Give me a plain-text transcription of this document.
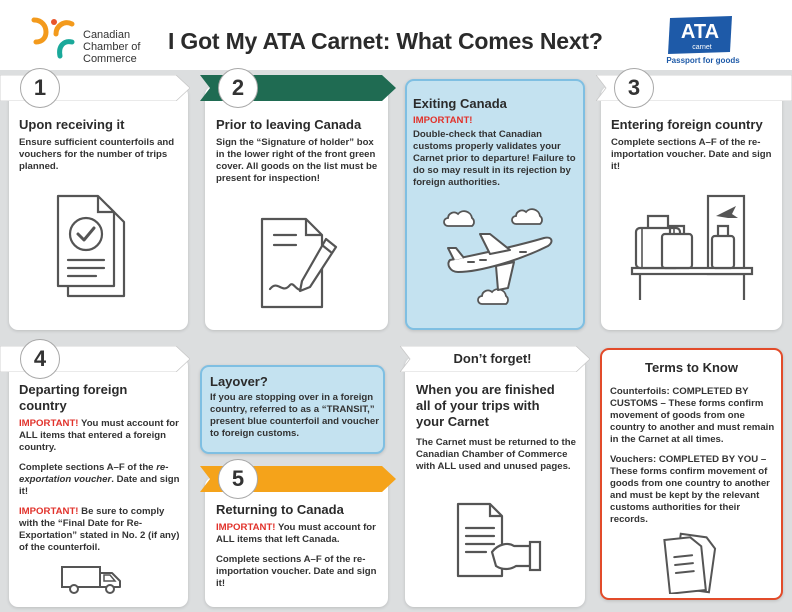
Canadian
Chamber of
Commerce
I Got My ATA Carnet: What Comes Next?	ATA
carnet
Passport for goods
1
Upon receiving it
Ensure sufficient counterfoils and vouchers for the number of trips planned.
2
Prior to leaving Canada
Sign the “Signature of holder” box in the lower right of the front green cover. All goods on the list must be present for inspection!
Exiting Canada
IMPORTANT!
Double-check that Canadian customs properly validates your Carnet prior to departure! Failure to do so may result in its rejection by foreign authorities.
3
Entering foreign country
Complete sections A–F of the re-importation voucher. Date and sign it!
4
Departing foreign country
IMPORTANT! You must account for ALL items that entered a foreign country.
Complete sections A–F of the re-exportation voucher. Date and sign it!
IMPORTANT! Be sure to comply with the “Final Date for Re-Exportation” stated in No. 2 (if any) of the counterfoil.
Layover?
If you are stopping over in a foreign country, referred to as a “TRANSIT,” present blue counterfoil and voucher to foreign customs.
5
Returning to Canada
IMPORTANT! You must account for ALL items that left Canada.
Complete sections A–F of the re-importation voucher. Date and sign it!
Don’t forget!
When you are finished all of your trips with your Carnet
The Carnet must be returned to the Canadian Chamber of Commerce with ALL used and unused pages.
Terms to Know
Counterfoils: COMPLETED BY CUSTOMS – These forms confirm movement of goods from one country to another and must remain in the Carnet at all times.
Vouchers: COMPLETED BY YOU – These forms confirm movement of goods from one country to another and must be kept by the relevant customs authorities for their records.
